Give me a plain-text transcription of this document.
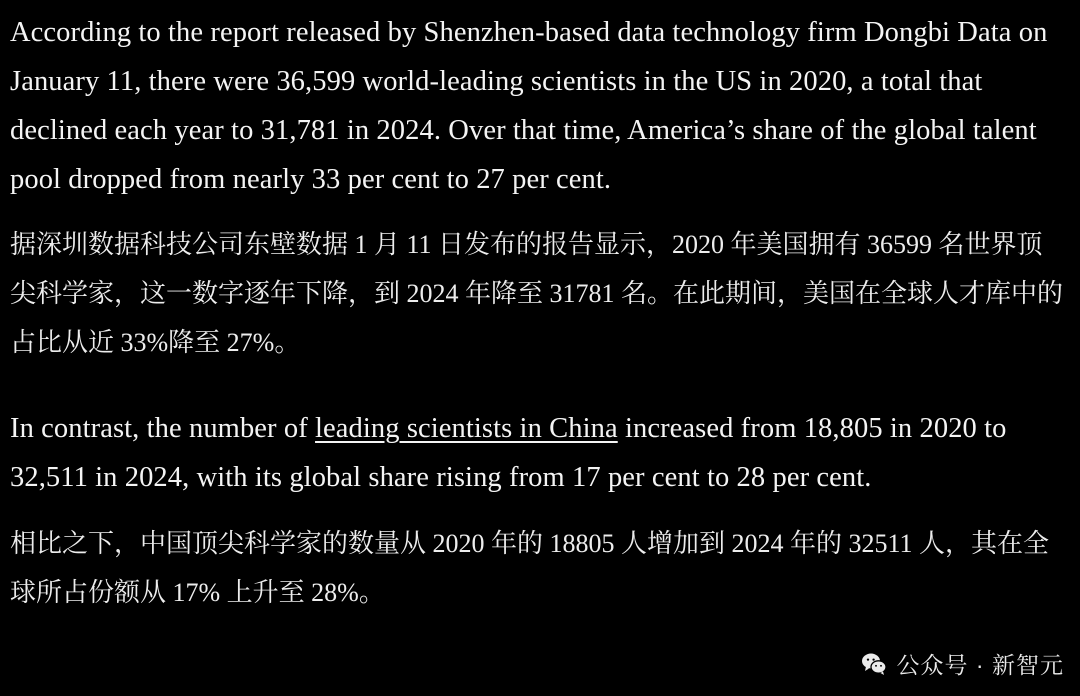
According to the report released by Shenzhen-based data technology firm Dongbi Data on January 11, there were 36,599 world-leading scientists in the US in 2020, a total that declined each year to 31,781 in 2024. Over that time, America’s share of the global talent pool dropped from nearly 33 per cent to 27 per cent.

据深圳数据科技公司东壁数据 1 月 11 日发布的报告显示，2020 年美国拥有 36599 名世界顶尖科学家，这一数字逐年下降，到 2024 年降至 31781 名。在此期间，美国在全球人才库中的占比从近 33%降至 27%。

In contrast, the number of leading scientists in China increased from 18,805 in 2020 to 32,511 in 2024, with its global share rising from 17 per cent to 28 per cent.

相比之下，中国顶尖科学家的数量从 2020 年的 18805 人增加到 2024 年的 32511 人，其在全球所占份额从 17% 上升至 28%。

公众号 · 新智元
